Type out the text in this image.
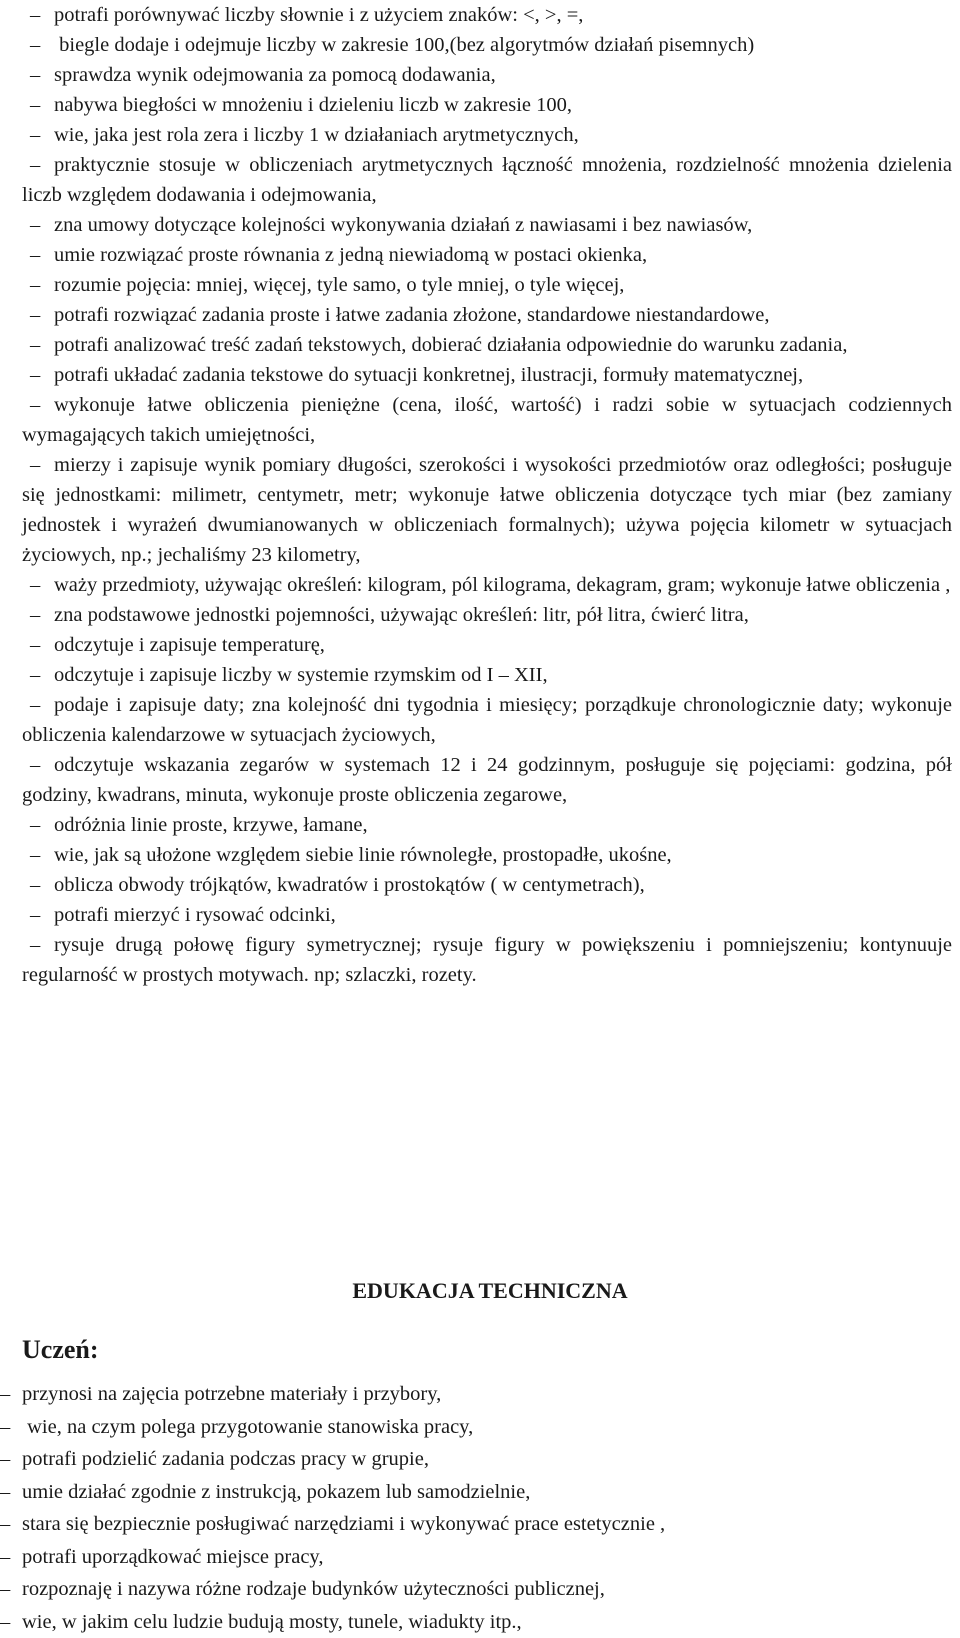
– potrafi porównywać liczby słownie i z użyciem znaków: <, >, =,
– biegle dodaje i odejmuje liczby w zakresie 100,(bez algorytmów działań pisemnych)
– sprawdza wynik odejmowania za pomocą dodawania,
– nabywa biegłości w mnożeniu i dzieleniu liczb w zakresie 100,
– wie, jaka jest rola zera i liczby 1 w działaniach arytmetycznych,
– praktycznie stosuje w obliczeniach arytmetycznych łączność mnożenia, rozdzielność mnożenia dzielenia liczb względem dodawania i odejmowania,
– zna umowy dotyczące kolejności wykonywania działań z nawiasami i bez nawiasów,
– umie rozwiązać proste równania z jedną niewiadomą w postaci okienka,
– rozumie pojęcia: mniej, więcej, tyle samo, o tyle mniej, o tyle więcej,
– potrafi rozwiązać zadania proste i łatwe zadania złożone, standardowe niestandardowe,
– potrafi analizować treść zadań tekstowych, dobierać działania odpowiednie do warunku zadania,
– potrafi układać zadania tekstowe do sytuacji konkretnej, ilustracji, formuły matematycznej,
– wykonuje łatwe obliczenia pieniężne (cena, ilość, wartość) i radzi sobie w sytuacjach codziennych wymagających takich umiejętności,
– mierzy i zapisuje wynik pomiary długości, szerokości i wysokości przedmiotów oraz odległości; posługuje się jednostkami: milimetr, centymetr, metr; wykonuje łatwe obliczenia dotyczące tych miar (bez zamiany jednostek i wyrażeń dwumianowanych w obliczeniach formalnych); używa pojęcia kilometr w sytuacjach życiowych, np.; jechaliśmy 23 kilometry,
– waży przedmioty, używając określeń: kilogram, pól kilograma, dekagram, gram; wykonuje łatwe obliczenia ,
– zna podstawowe jednostki pojemności, używając określeń: litr, pół litra, ćwierć litra,
– odczytuje i zapisuje temperaturę,
– odczytuje i zapisuje liczby w systemie rzymskim od I – XII,
– podaje i zapisuje daty; zna kolejność dni tygodnia i miesięcy; porządkuje chronologicznie daty; wykonuje obliczenia kalendarzowe w sytuacjach życiowych,
– odczytuje wskazania zegarów w systemach 12 i 24 godzinnym, posługuje się pojęciami: godzina, pół godziny, kwadrans, minuta, wykonuje proste obliczenia zegarowe,
– odróżnia linie proste, krzywe, łamane,
– wie, jak są ułożone względem siebie linie równoległe, prostopadłe, ukośne,
– oblicza obwody trójkątów, kwadratów i prostokątów ( w centymetrach),
– potrafi mierzyć i rysować odcinki,
– rysuje drugą połowę figury symetrycznej; rysuje figury w powiększeniu i pomniejszeniu; kontynuuje regularność w prostych motywach. np; szlaczki, rozety.
EDUKACJA TECHNICZNA
Uczeń:
– przynosi na zajęcia potrzebne materiały i przybory,
– wie, na czym polega przygotowanie stanowiska pracy,
– potrafi podzielić zadania podczas pracy w grupie,
– umie działać zgodnie z instrukcją, pokazem lub samodzielnie,
– stara się bezpiecznie posługiwać narzędziami i wykonywać prace estetycznie ,
– potrafi uporządkować miejsce pracy,
– rozpoznaję i nazywa różne rodzaje budynków użyteczności publicznej,
– wie, w jakim celu ludzie budują mosty, tunele, wiadukty itp.,
